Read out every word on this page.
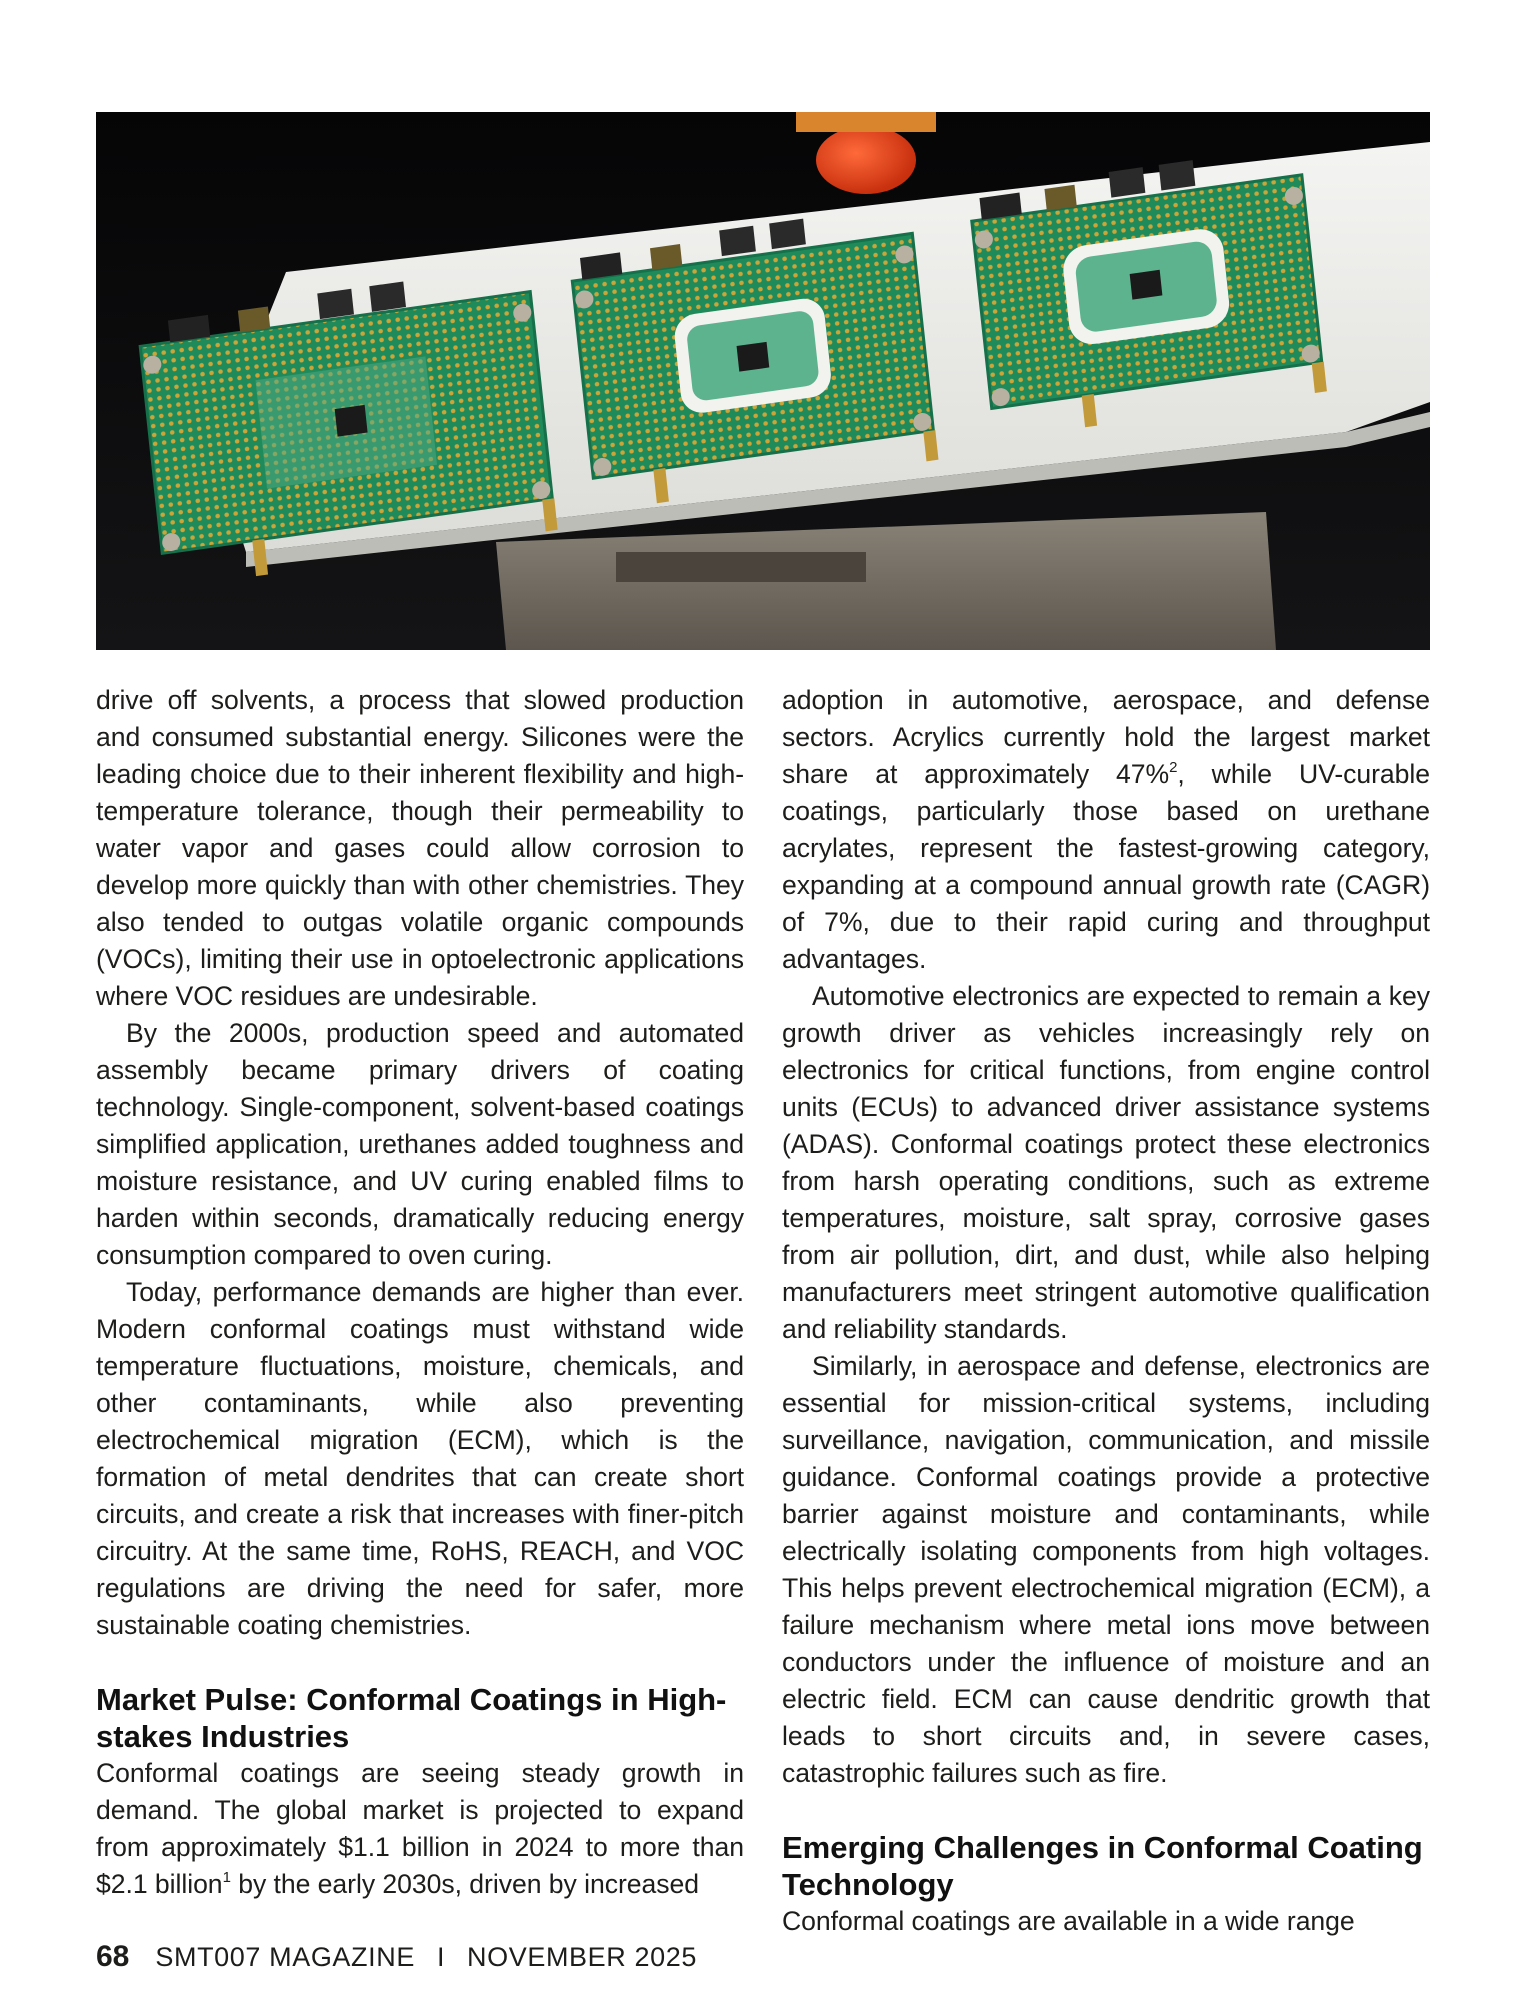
drive off solvents, a process that slowed production and consumed substantial energy. Silicones were the leading choice due to their inherent flexibility and high-temperature tolerance, though their permeability to water vapor and gases could allow corrosion to develop more quickly than with other chemistries. They also tended to outgas volatile organic compounds (VOCs), limiting their use in optoelectronic applications where VOC residues are undesirable.

By the 2000s, production speed and automated assembly became primary drivers of coating technology. Single-component, solvent-based coatings simplified application, urethanes added toughness and moisture resistance, and UV curing enabled films to harden within seconds, dramatically reducing energy consumption compared to oven curing.

Today, performance demands are higher than ever. Modern conformal coatings must withstand wide temperature fluctuations, moisture, chemicals, and other contaminants, while also preventing electrochemical migration (ECM), which is the formation of metal dendrites that can create short circuits, and create a risk that increases with finer-pitch circuitry. At the same time, RoHS, REACH, and VOC regulations are driving the need for safer, more sustainable coating chemistries.

Market Pulse: Conformal Coatings in High-stakes Industries

Conformal coatings are seeing steady growth in demand. The global market is projected to expand from approximately $1.1 billion in 2024 to more than $2.1 billion$^1$ by the early 2030s, driven by increased

adoption in automotive, aerospace, and defense sectors. Acrylics currently hold the largest market share at approximately 47%$^2$, while UV-curable coatings, particularly those based on urethane acrylates, represent the fastest-growing category, expanding at a compound annual growth rate (CAGR) of 7%, due to their rapid curing and throughput advantages.

Automotive electronics are expected to remain a key growth driver as vehicles increasingly rely on electronics for critical functions, from engine control units (ECUs) to advanced driver assistance systems (ADAS). Conformal coatings protect these electronics from harsh operating conditions, such as extreme temperatures, moisture, salt spray, corrosive gases from air pollution, dirt, and dust, while also helping manufacturers meet stringent automotive qualification and reliability standards.

Similarly, in aerospace and defense, electronics are essential for mission-critical systems, including surveillance, navigation, communication, and missile guidance. Conformal coatings provide a protective barrier against moisture and contaminants, while electrically isolating components from high voltages. This helps prevent electrochemical migration (ECM), a failure mechanism where metal ions move between conductors under the influence of moisture and an electric field. ECM can cause dendritic growth that leads to short circuits and, in severe cases, catastrophic failures such as fire.

Emerging Challenges in Conformal Coating Technology

Conformal coatings are available in a wide range

68 SMT007 MAGAZINE I NOVEMBER 2025
